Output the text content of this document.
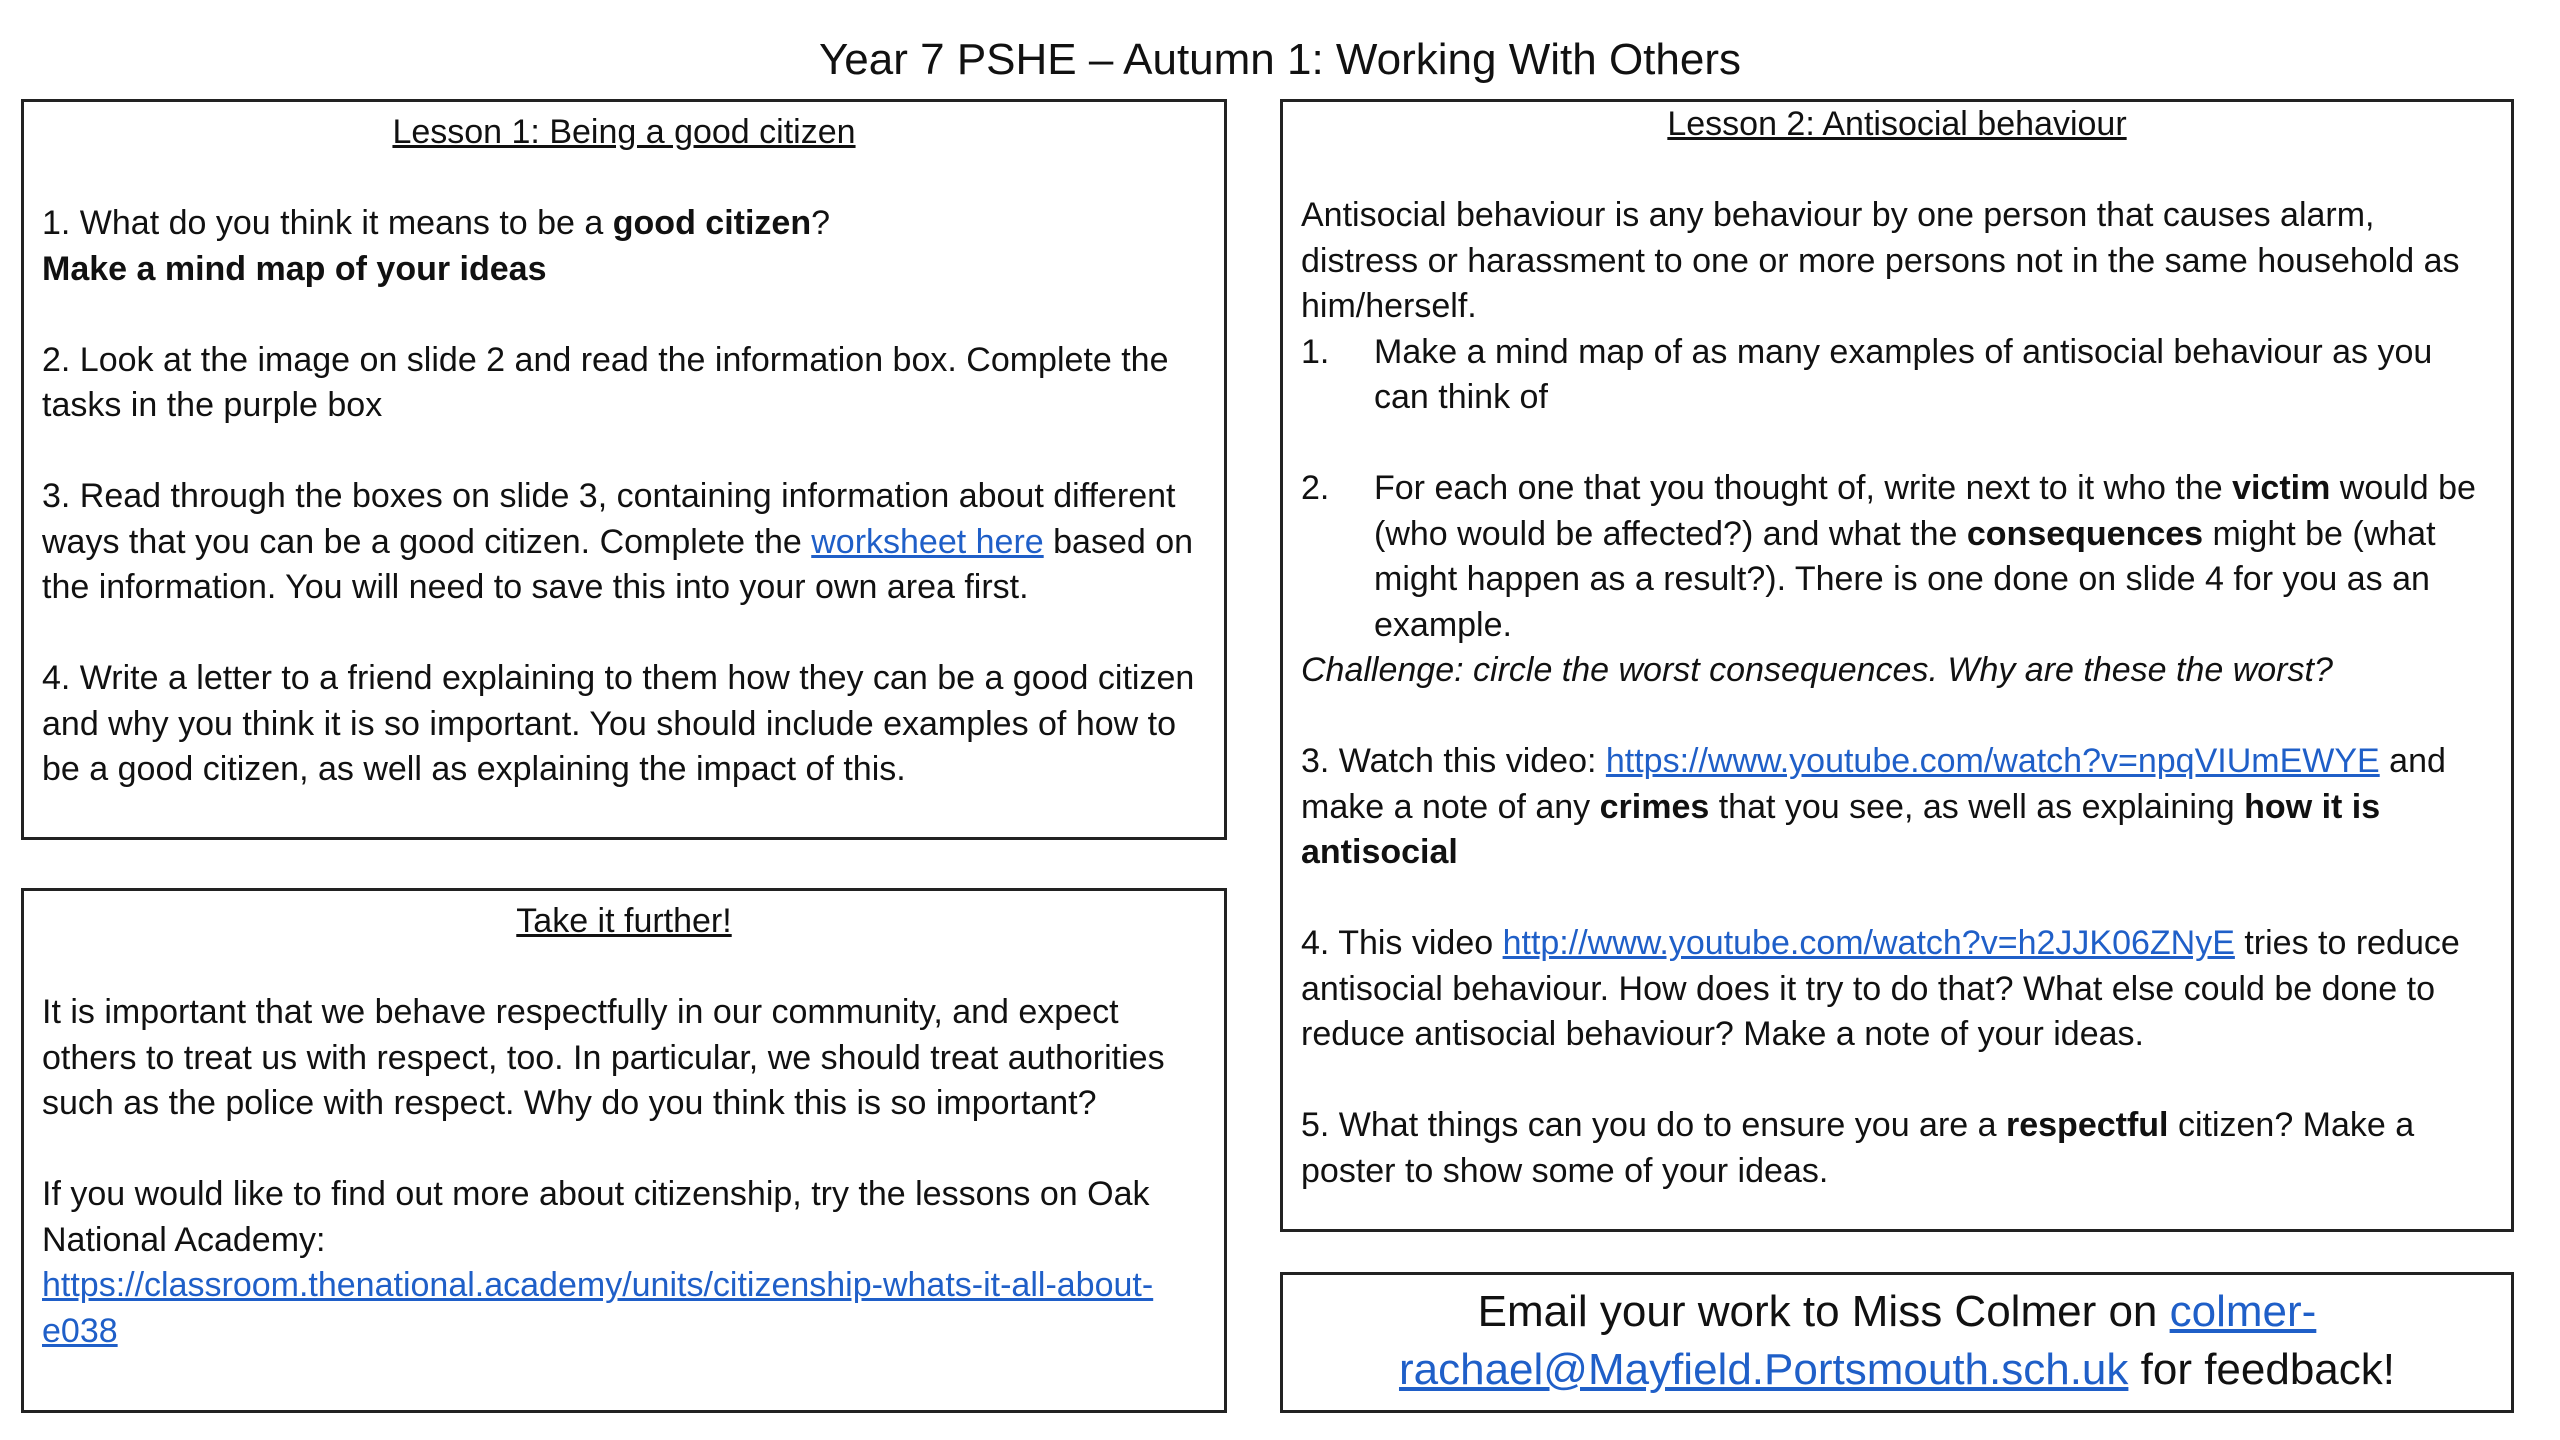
Year 7 PSHE – Autumn 1: Working With Others
Lesson 1: Being a good citizen

1. What do you think it means to be a good citizen?
Make a mind map of your ideas

2. Look at the image on slide 2 and read the information box. Complete the tasks in the purple box

3. Read through the boxes on slide 3, containing information about different ways that you can be a good citizen. Complete the worksheet here based on the information. You will need to save this into your own area first.

4. Write a letter to a friend explaining to them how they can be a good citizen and why you think it is so important. You should include examples of how to be a good citizen, as well as explaining the impact of this.

Take it further!

It is important that we behave respectfully in our community, and expect others to treat us with respect, too. In particular, we should treat authorities such as the police with respect. Why do you think this is so important?

If you would like to find out more about citizenship, try the lessons on Oak National Academy:
https://classroom.thenational.academy/units/citizenship-whats-it-all-about-e038

Lesson 2: Antisocial behaviour

Antisocial behaviour is any behaviour by one person that causes alarm, distress or harassment to one or more persons not in the same household as him/herself.

1.	Make a mind map of as many examples of antisocial behaviour as you can think of
2.	For each one that you thought of, write next to it who the victim would be (who would be affected?) and what the consequences might be (what might happen as a result?). There is one done on slide 4 for you as an example.

Challenge: circle the worst consequences. Why are these the worst?

3. Watch this video: https://www.youtube.com/watch?v=npqVIUmEWYE and make a note of any crimes that you see, as well as explaining how it is antisocial

4. This video http://www.youtube.com/watch?v=h2JJK06ZNyE tries to reduce antisocial behaviour. How does it try to do that? What else could be done to reduce antisocial behaviour? Make a note of your ideas.

5. What things can you do to ensure you are a respectful citizen? Make a poster to show some of your ideas.

Email your work to Miss Colmer on colmer-rachael@Mayfield.Portsmouth.sch.uk for feedback!
